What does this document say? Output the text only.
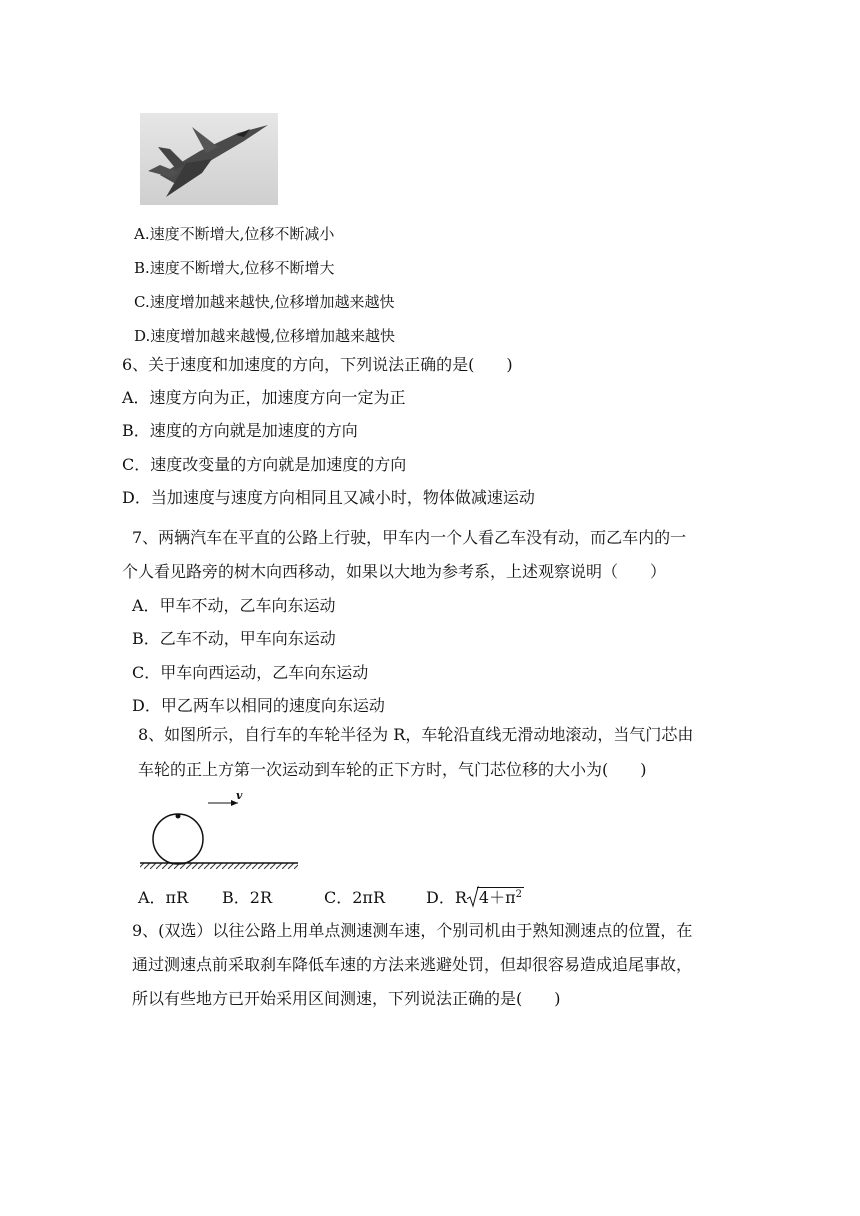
A.速度不断增大,位移不断减小
B.速度不断增大,位移不断增大
C.速度增加越来越快,位移增加越来越快
D.速度增加越来越慢,位移增加越来越快
6、关于速度和加速度的方向，下列说法正确的是(　　)
A．速度方向为正，加速度方向一定为正
B．速度的方向就是加速度的方向
C．速度改变量的方向就是加速度的方向
D．当加速度与速度方向相同且又减小时，物体做减速运动
7、两辆汽车在平直的公路上行驶，甲车内一个人看乙车没有动，而乙车内的一
个人看见路旁的树木向西移动，如果以大地为参考系，上述观察说明（　　）
A．甲车不动，乙车向东运动
B．乙车不动，甲车向东运动
C．甲车向西运动，乙车向东运动
D．甲乙两车以相同的速度向东运动
8、如图所示，自行车的车轮半径为 R，车轮沿直线无滑动地滚动，当气门芯由
车轮的正上方第一次运动到车轮的正下方时，气门芯位移的大小为(　　)
v
A．πR B．2R	C．2πR	D．R $4+\pi^2$
9、(双选）以往公路上用单点测速测车速，个别司机由于熟知测速点的位置，在
通过测速点前采取刹车降低车速的方法来逃避处罚，但却很容易造成追尾事故，
所以有些地方已开始采用区间测速，下列说法正确的是(　　)
